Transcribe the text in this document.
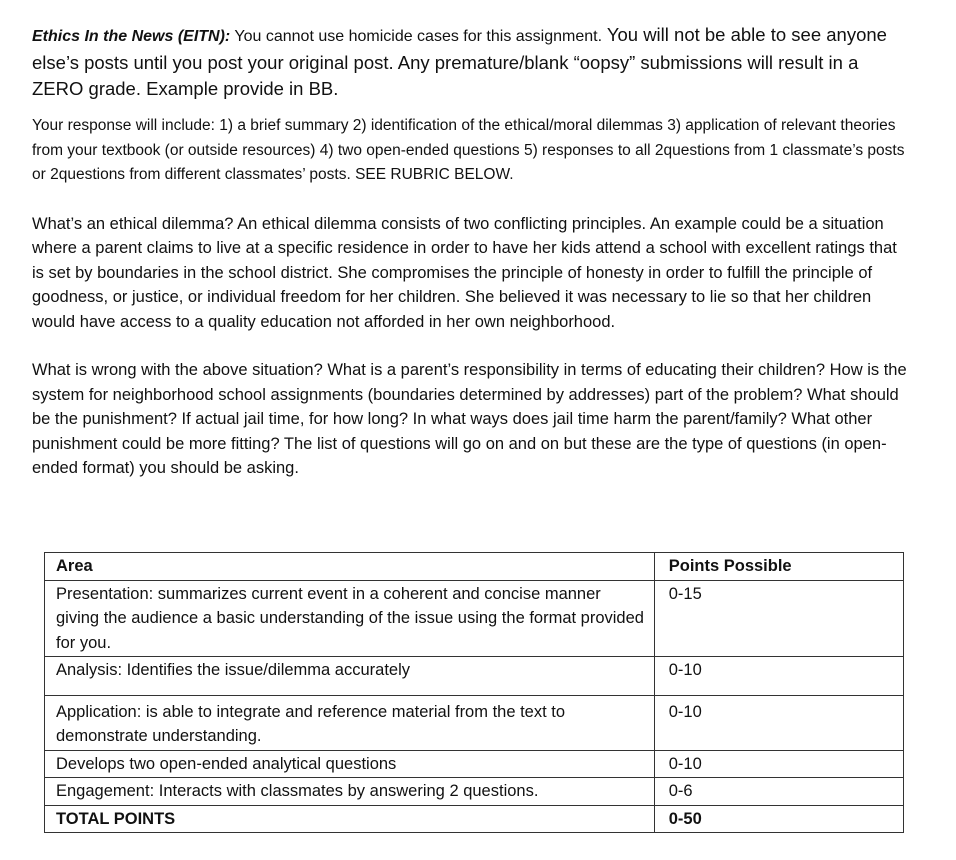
Ethics In the News (EITN): You cannot use homicide cases for this assignment. You will not be able to see anyone else’s posts until you post your original post. Any premature/blank “oopsy” submissions will result in a ZERO grade. Example provide in BB.

Your response will include: 1) a brief summary 2) identification of the ethical/moral dilemmas 3) application of relevant theories from your textbook (or outside resources) 4) two open-ended questions 5) responses to all 2questions from 1 classmate’s posts or 2questions from different classmates’ posts. SEE RUBRIC BELOW.

What’s an ethical dilemma? An ethical dilemma consists of two conflicting principles. An example could be a situation where a parent claims to live at a specific residence in order to have her kids attend a school with excellent ratings that is set by boundaries in the school district. She compromises the principle of honesty in order to fulfill the principle of goodness, or justice, or individual freedom for her children. She believed it was necessary to lie so that her children would have access to a quality education not afforded in her own neighborhood.

What is wrong with the above situation? What is a parent’s responsibility in terms of educating their children? How is the system for neighborhood school assignments (boundaries determined by addresses) part of the problem? What should be the punishment? If actual jail time, for how long? In what ways does jail time harm the parent/family? What other punishment could be more fitting? The list of questions will go on and on but these are the type of questions (in open-ended format) you should be asking.

Area	Points Possible
Presentation: summarizes current event in a coherent and concise manner giving the audience a basic understanding of the issue using the format provided for you.	0-15
Analysis: Identifies the issue/dilemma accurately	0-10
Application: is able to integrate and reference material from the text to demonstrate understanding.	0-10
Develops two open-ended analytical questions	0-10
Engagement: Interacts with classmates by answering 2 questions.	0-6
TOTAL POINTS	0-50
